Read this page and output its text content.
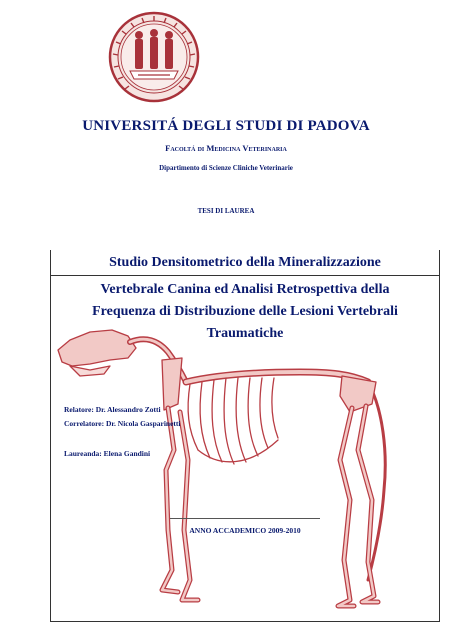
UNIVERSITÁ DEGLI STUDI DI PADOVA
Facoltá di Medicina Veterinaria
Dipartimento di Scienze Cliniche Veterinarie
TESI DI LAUREA
Studio Densitometrico della Mineralizzazione
Vertebrale Canina ed Analisi Retrospettiva della
Frequenza di Distribuzione delle Lesioni Vertebrali
Traumatiche
Relatore: Dr. Alessandro Zotti
Correlatore: Dr. Nicola Gasparinetti
Laureanda: Elena Gandini
ANNO ACCADEMICO 2009-2010
